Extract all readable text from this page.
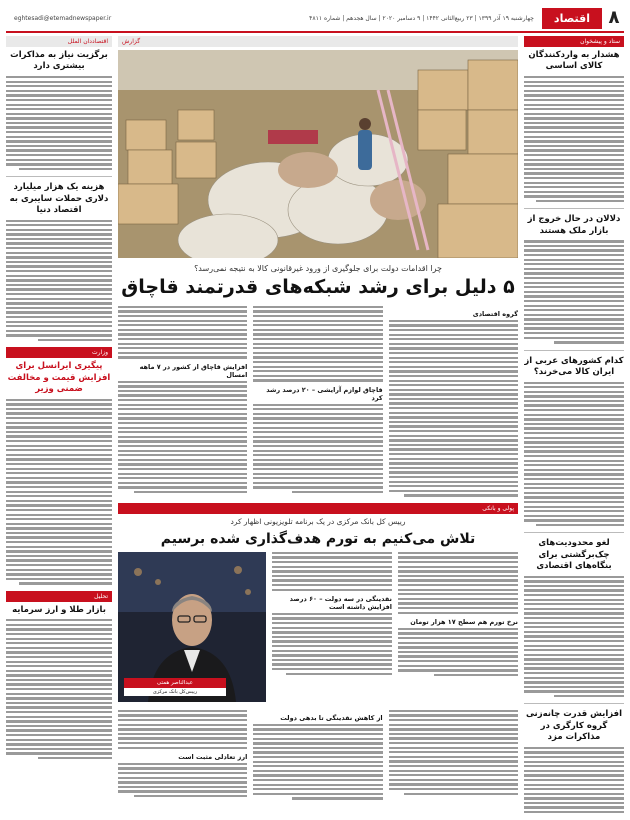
۸
اقتصاد
eghtesadi@etemadnewspaper.ir	چهارشنبه ۱۹ آذر ۱۳۹۹ | ۲۳ ربیع‌الثانی ۱۴۴۲ | ۹ دسامبر ۲۰۲۰ | سال هجدهم | شماره ۴۸۱۱
ستاد و پیشخوان
هشدار به واردکنندگان کالای اساسی
دلالان در حال خروج از بازار ملک هستند
کدام کشورهای عربی از ایران کالا می‌خرند؟
لغو محدودیت‌های چک‌برگشتی برای بنگاه‌های اقتصادی
افزایش قدرت چانه‌زنی گروه کارگری در مذاکرات مزد
اقتصاددان الملل
برگزیت نیاز به مذاکرات بیشتری دارد
هزینه یک هزار میلیارد دلاری حملات سایبری به اقتصاد دنیا
وزارت
پیگیری ایرانسل برای افزایش قیمت و مخالفت ضمنی وزیر
تحلیل
بازار طلا و ارز سرمایه
گزارش
چرا اقدامات دولت برای جلوگیری از ورود غیرقانونی کالا به نتیجه نمی‌رسد؟
۵ دلیل برای رشد شبکه‌های قدرتمند قاچاق
گروه اقتصادی
قاچاق لوازم آرایشی – ۲۰ درصد رشد کرد
افزایش قاچاق از کشور در ۷ ماهه امسال
پولی و بانکی
رییس کل بانک مرکزی در یک برنامه تلویزیونی اظهار کرد
تلاش می‌کنیم به تورم هدف‌گذاری شده برسیم
نرخ تورم هم سطح ۱۷ هزار تومان
نقدینگی در سه دولت – ۶۰ درصد افزایش داشته است
عبدالناصر همتی
رییس‌کل بانک مرکزی
از کاهش نقدینگی تا بدهی دولت
ارز تعادلی مثبت است
